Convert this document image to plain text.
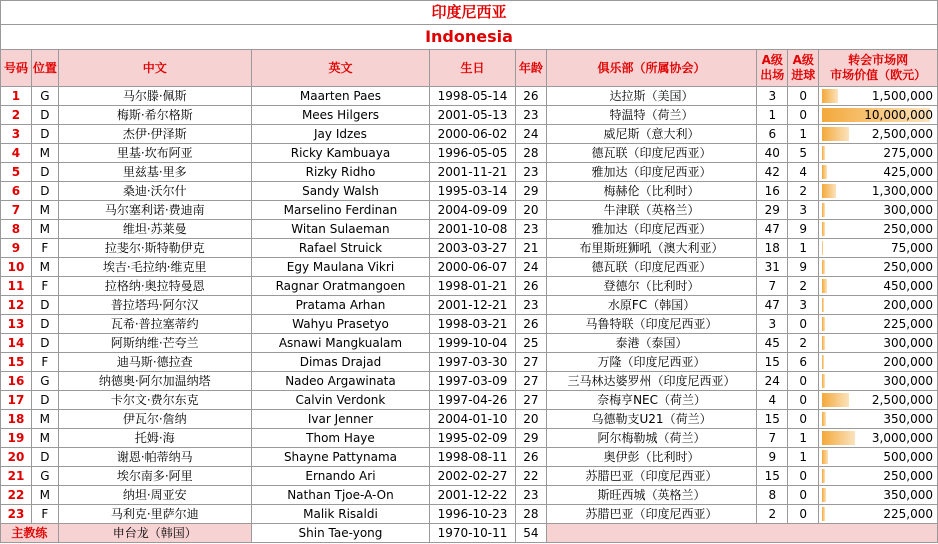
印度尼西亚									
Indonesia									
号码	位置	中文	英文	生日	年龄	俱乐部（所属协会）	A级出场	A级进球	转会市场网
市场价值（欧元）

1	G	马尔滕·佩斯	Maarten Paes	1998-05-14	26	达拉斯（美国）	3	0	1,500,000
2	D	梅斯·希尔格斯	Mees Hilgers	2001-05-13	23	特温特（荷兰）	1	0	10,000,000
3	D	杰伊·伊泽斯	Jay Idzes	2000-06-02	24	威尼斯（意大利）	6	1	2,500,000
4	M	里基·坎布阿亚	Ricky Kambuaya	1996-05-05	28	德瓦联（印度尼西亚）	40	5	275,000
5	D	里兹基·里多	Rizky Ridho	2001-11-21	23	雅加达（印度尼西亚）	42	4	425,000
6	D	桑迪·沃尔什	Sandy Walsh	1995-03-14	29	梅赫伦（比利时）	16	2	1,300,000
7	M	马尔塞利诺·费迪南	Marselino Ferdinan	2004-09-09	20	牛津联（英格兰）	29	3	300,000
8	M	维坦·苏莱曼	Witan Sulaeman	2001-10-08	23	雅加达（印度尼西亚）	47	9	250,000
9	F	拉斐尔·斯特勒伊克	Rafael Struick	2003-03-27	21	布里斯班狮吼（澳大利亚）	18	1	75,000
10	M	埃吉·毛拉纳·维克里	Egy Maulana Vikri	2000-06-07	24	德瓦联（印度尼西亚）	31	9	250,000
11	F	拉格纳·奥拉特曼恩	Ragnar Oratmangoen	1998-01-21	26	登德尔（比利时）	7	2	450,000
12	D	普拉塔玛·阿尔汉	Pratama Arhan	2001-12-21	23	水原FC（韩国）	47	3	200,000
13	D	瓦希·普拉塞蒂约	Wahyu Prasetyo	1998-03-21	26	马鲁特联（印度尼西亚）	3	0	225,000
14	D	阿斯纳维·芒夸兰	Asnawi Mangkualam	1999-10-04	25	泰港（泰国）	45	2	300,000
15	F	迪马斯·德拉查	Dimas Drajad	1997-03-30	27	万隆（印度尼西亚）	15	6	200,000
16	G	纳德奥·阿尔加温纳塔	Nadeo Argawinata	1997-03-09	27	三马林达婆罗州（印度尼西亚）	24	0	300,000
17	D	卡尔文·费尔东克	Calvin Verdonk	1997-04-26	27	奈梅亨NEC（荷兰）	4	0	2,500,000
18	M	伊瓦尔·詹纳	Ivar Jenner	2004-01-10	20	乌德勒支U21（荷兰）	15	0	350,000
19	M	托姆·海	Thom Haye	1995-02-09	29	阿尔梅勒城（荷兰）	7	1	3,000,000
20	D	谢恩·帕蒂纳马	Shayne Pattynama	1998-08-11	26	奥伊彭（比利时）	9	1	500,000
21	G	埃尔南多·阿里	Ernando Ari	2002-02-27	22	苏腊巴亚（印度尼西亚）	15	0	250,000
22	M	纳坦·周亚安	Nathan Tjoe-A-On	2001-12-22	23	斯旺西城（英格兰）	8	0	350,000
23	F	马利克·里萨尔迪	Malik Risaldi	1996-10-23	28	苏腊巴亚（印度尼西亚）	2	0	225,000
主教练		申台龙（韩国）	Shin Tae-yong	1970-10-11	54				
